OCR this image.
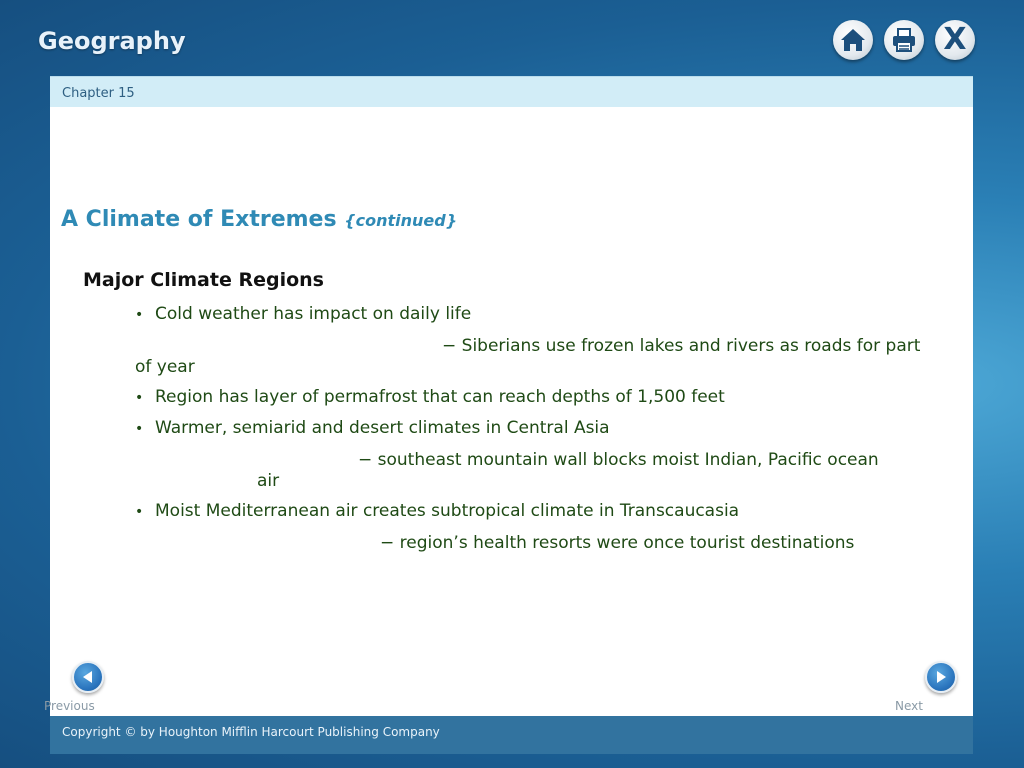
Geography	X
Chapter 15
A Climate of Extremes {continued}
Major Climate Regions
• Cold weather has impact on daily life
− Siberians use frozen lakes and rivers as roads for part of year
• Region has layer of permafrost that can reach depths of 1,500 feet
• Warmer, semiarid and desert climates in Central Asia
− southeast mountain wall blocks moist Indian, Pacific ocean air
• Moist Mediterranean air creates subtropical climate in Transcaucasia
− region’s health resorts were once tourist destinations
Previous	Next
Copyright © by Houghton Mifflin Harcourt Publishing Company
